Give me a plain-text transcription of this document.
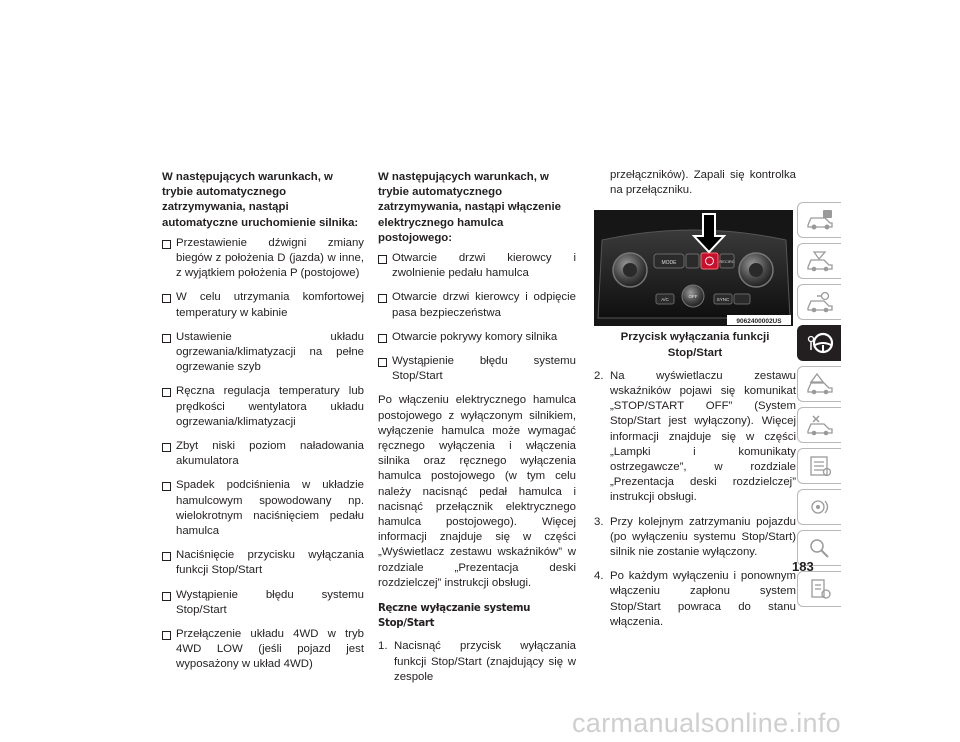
W następujących warunkach, w trybie automatycznego zatrzymywania, nastąpi automatyczne uruchomienie silnika:
Przestawienie dźwigni zmiany biegów z położenia D (jazda) w inne, z wyjątkiem położenia P (postojowe)
W celu utrzymania komfortowej temperatury w kabinie
Ustawienie układu ogrzewania/klimatyzacji na pełne ogrzewanie szyb
Ręczna regulacja temperatury lub prędkości wentylatora układu ogrzewania/klimatyzacji
Zbyt niski poziom naładowania akumulatora
Spadek podciśnienia w układzie hamulcowym spowodowany np. wielokrotnym naciśnięciem pedału hamulca
Naciśnięcie przycisku wyłączania funkcji Stop/Start
Wystąpienie błędu systemu Stop/Start
Przełączenie układu 4WD w tryb 4WD LOW (jeśli pojazd jest wyposażony w układ 4WD)
W następujących warunkach, w trybie automatycznego zatrzymywania, nastąpi włączenie elektrycznego hamulca postojowego:
Otwarcie drzwi kierowcy i zwolnienie pedału hamulca
Otwarcie drzwi kierowcy i odpięcie pasa bezpieczeństwa
Otwarcie pokrywy komory silnika
Wystąpienie błędu systemu Stop/Start
Po włączeniu elektrycznego hamulca postojowego z wyłączonym silnikiem, wyłączenie hamulca może wymagać ręcznego wyłączenia i włączenia silnika oraz ręcznego wyłączenia hamulca postojowego (w tym celu należy nacisnąć pedał hamulca i nacisnąć przełącznik elektrycznego hamulca postojowego). Więcej informacji znajduje się w części „Wyświetlacz zestawu wskaźników” w rozdziale „Prezentacja deski rozdzielczej” instrukcji obsługi.
Ręczne wyłączanie systemu Stop/Start
1. Nacisnąć przycisk wyłączania funkcji Stop/Start (znajdujący się w zespole
przełączników). Zapali się kontrolka na przełączniku.
MODE	RECIRC
OFF
A/C	SYNC
9062400002US
Przycisk wyłączania funkcji Stop/Start
2. Na wyświetlaczu zestawu wskaźników pojawi się komunikat „STOP/START OFF” (System Stop/Start jest wyłączony). Więcej informacji znajduje się w części „Lampki i komunikaty ostrzegawcze”, w rozdziale „Prezentacja deski rozdzielczej” instrukcji obsługi.
3. Przy kolejnym zatrzymaniu pojazdu (po wyłączeniu systemu Stop/Start) silnik nie zostanie wyłączony.
4. Po każdym wyłączeniu i ponownym włączeniu zapłonu system Stop/Start powraca do stanu włączenia.
183
carmanualsonline.info
